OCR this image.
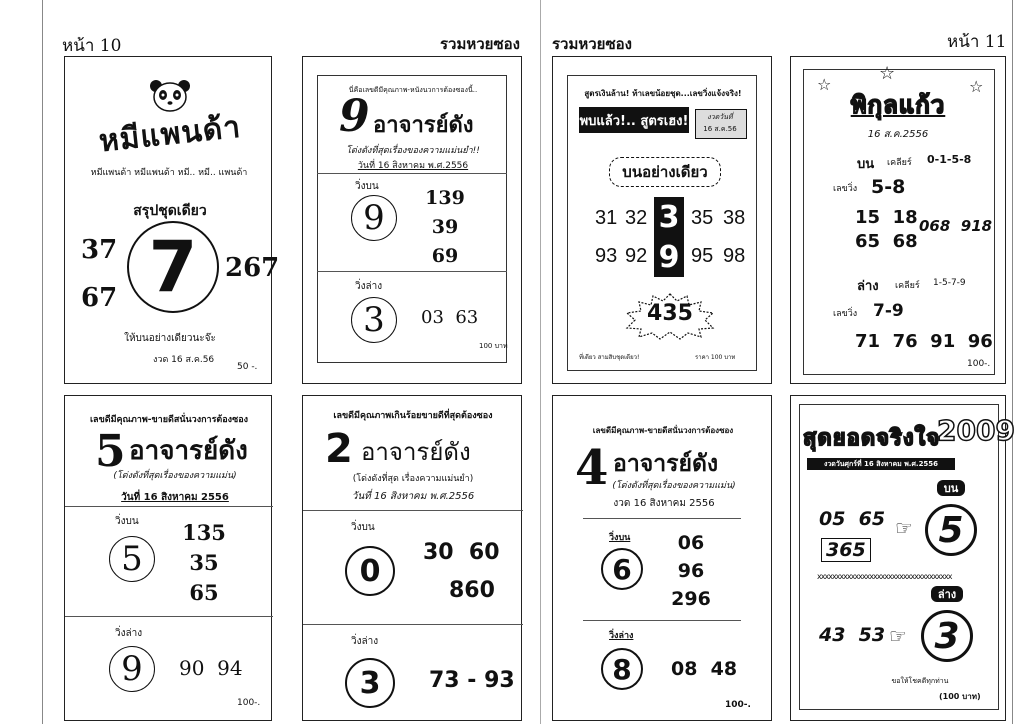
หน้า 10	รวมหวยซอง รวมหวยซอง	หน้า 11
หมีแพนด้า
หมีแพนด้า หมีแพนด้า หมี.. หมี.. แพนด้า
สรุปชุดเดียว
7
37
67
267
ให้บนอย่างเดียวนะจ๊ะ
งวด 16 ส.ค.56
50 -.
นี่คือเลขดีมีคุณภาพ-หนังนวการต้องซองนี้..
9 อาจารย์ดัง
โด่งดังที่สุดเรื่องของความแม่นยำ!!
วันที่ 16 สิงหาคม พ.ศ.2556
วิ่งบน
9	139
39
69
วิ่งล่าง
3	03  63
100 บาท
สูตรเงินล้าน! ท้าเลขน้อยชุด...เลขวิ่งแจ้งจริง!
พบแล้ว!.. สูตรเฮง!	งวดวันที่
16 ส.ค.56
บนอย่างเดียว
31 32 3 35 38
93 92 9 95 98
435
ที่เดียว สามสิบชุดเดียว!	ราคา 100 บาท
☆
☆
☆
พิกุลแก้ว
16 ส.ค.2556
บน เคลียร์ 0-1-5-8
เลขวิ่ง 5-8
15  18
65  68
068  918
ล่าง เคลียร์ 1-5-7-9
เลขวิ่ง 7-9
71  76  91  96
100-.
เลขดีมีคุณภาพ-ขายดีสนั่นวงการต้องซอง
5 อาจารย์ดัง
(โด่งดังที่สุดเรื่องของความแม่น)
วันที่ 16 สิงหาคม 2556
วิ่งบน
5
135
35
65
วิ่งล่าง
9	90  94
100-.
เลขดีมีคุณภาพเกินร้อยขายดีที่สุดต้องซอง
2 อาจารย์ดัง
(โด่งดังที่สุด เรื่องความแม่นยำ)
วันที่ 16 สิงหาคม พ.ศ.2556
วิ่งบน
0
30  60
860
วิ่งล่าง
3	73 - 93
เลขดีมีคุณภาพ-ขายดีสนั่นวงการต้องซอง
4 อาจารย์ดัง
(โด่งดังที่สุดเรื่องของความแม่น)
งวด 16 สิงหาคม 2556
วิ่งบน
6
06
96
296
วิ่งล่าง
8	08  48
100-.
สุดยอดจริงใจ
2009
งวดวันศุกร์ที่ 16 สิงหาคม พ.ศ.2556
บน
05  65
365
☞ 5
xxxxxxxxxxxxxxxxxxxxxxxxxxxxxxxxxxxx
ล่าง
43  53 ☞ 3
ขอให้โชคดีทุกท่าน
(100 บาท)
